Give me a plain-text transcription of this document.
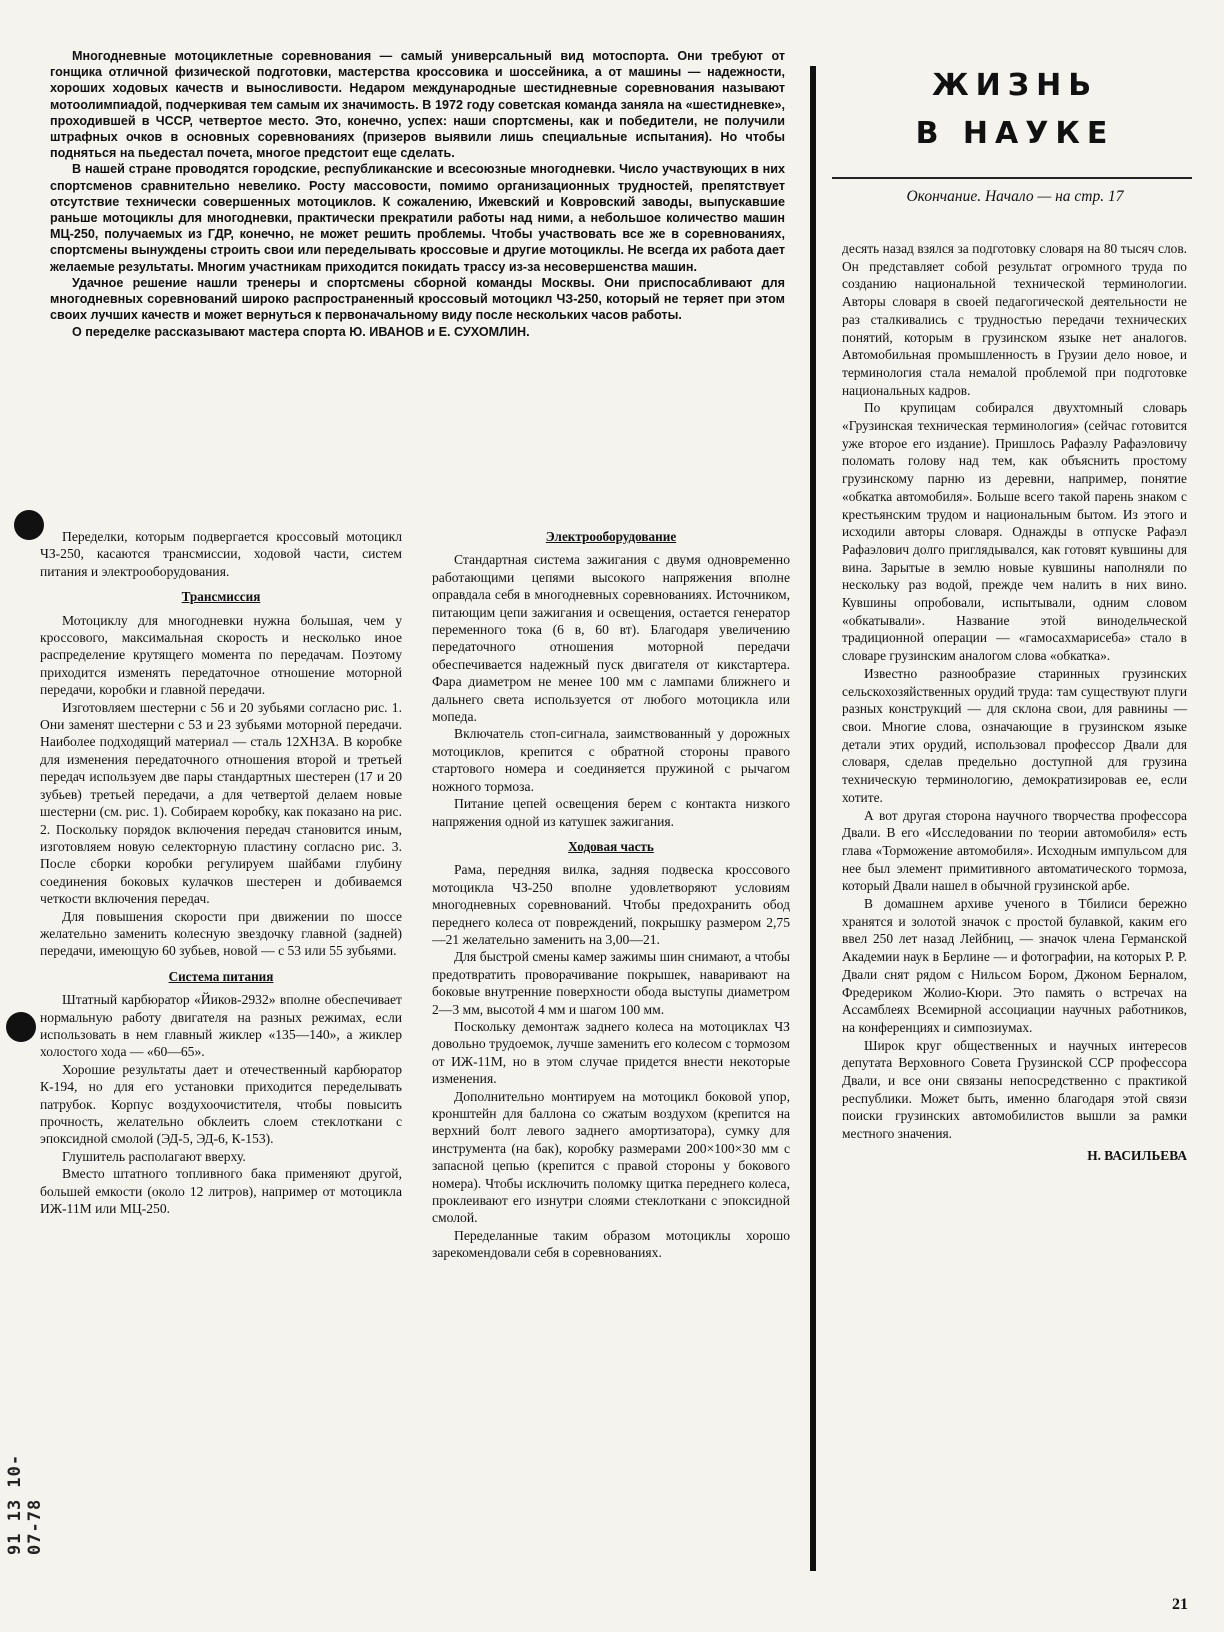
Многодневные мотоциклетные соревнования — самый универсальный вид мотоспорта. Они требуют от гонщика отличной физической подготовки, мастерства кроссовика и шоссейника, а от машины — надежности, хороших ходовых качеств и выносливости. Недаром международные шестидневные соревнования называют мотоолимпиадой, подчеркивая тем самым их значимость. В 1972 году советская команда заняла на «шестидневке», проходившей в ЧССР, четвертое место. Это, конечно, успех: наши спортсмены, как и победители, не получили штрафных очков в основных соревнованиях (призеров выявили лишь специальные испытания). Но чтобы подняться на пьедестал почета, многое предстоит еще сделать.

В нашей стране проводятся городские, республиканские и всесоюзные многодневки. Число участвующих в них спортсменов сравнительно невелико. Росту массовости, помимо организационных трудностей, препятствует отсутствие технически совершенных мотоциклов. К сожалению, Ижевский и Ковровский заводы, выпускавшие раньше мотоциклы для многодневки, практически прекратили работы над ними, а небольшое количество машин МЦ-250, получаемых из ГДР, конечно, не может решить проблемы. Чтобы участвовать все же в соревнованиях, спортсмены вынуждены строить свои или переделывать кроссовые и другие мотоциклы. Не всегда их работа дает желаемые результаты. Многим участникам приходится покидать трассу из-за несовершенства машин.

Удачное решение нашли тренеры и спортсмены сборной команды Москвы. Они приспосабливают для многодневных соревнований широко распространенный кроссовый мотоцикл ЧЗ-250, который не теряет при этом своих лучших качеств и может вернуться к первоначальному виду после нескольких часов работы.

О переделке рассказывают мастера спорта Ю. ИВАНОВ и Е. СУХОМЛИН.

Переделки, которым подвергается кроссовый мотоцикл ЧЗ-250, касаются трансмиссии, ходовой части, систем питания и электрооборудования.

Трансмиссия

Мотоциклу для многодневки нужна большая, чем у кроссового, максимальная скорость и несколько иное распределение крутящего момента по передачам. Поэтому приходится изменять передаточное отношение моторной передачи, коробки и главной передачи.

Изготовляем шестерни с 56 и 20 зубьями согласно рис. 1. Они заменят шестерни с 53 и 23 зубьями моторной передачи. Наиболее подходящий материал — сталь 12ХН3А. В коробке для изменения передаточного отношения второй и третьей передач используем две пары стандартных шестерен (17 и 20 зубьев) третьей передачи, а для четвертой делаем новые шестерни (см. рис. 1). Собираем коробку, как показано на рис. 2. Поскольку порядок включения передач становится иным, изготовляем новую селекторную пластину согласно рис. 3. После сборки коробки регулируем шайбами глубину соединения боковых кулачков шестерен и добиваемся четкости включения передач.

Для повышения скорости при движении по шоссе желательно заменить колесную звездочку главной (задней) передачи, имеющую 60 зубьев, новой — с 53 или 55 зубьями.

Система питания

Штатный карбюратор «Йиков-2932» вполне обеспечивает нормальную работу двигателя на разных режимах, если использовать в нем главный жиклер «135—140», а жиклер холостого хода — «60—65».

Хорошие результаты дает и отечественный карбюратор К-194, но для его установки приходится переделывать патрубок. Корпус воздухоочистителя, чтобы повысить прочность, желательно обклеить слоем стеклоткани с эпоксидной смолой (ЭД-5, ЭД-6, К-153).

Глушитель располагают вверху.

Вместо штатного топливного бака применяют другой, большей емкости (около 12 литров), например от мотоцикла ИЖ-11М или МЦ-250.

Электрооборудование

Стандартная система зажигания с двумя одновременно работающими цепями высокого напряжения вполне оправдала себя в многодневных соревнованиях. Источником, питающим цепи зажигания и освещения, остается генератор переменного тока (6 в, 60 вт). Благодаря увеличению передаточного отношения моторной передачи обеспечивается надежный пуск двигателя от кикстартера. Фара диаметром не менее 100 мм с лампами ближнего и дальнего света используется от любого мотоцикла или мопеда.

Включатель стоп-сигнала, заимствованный у дорожных мотоциклов, крепится с обратной стороны правого стартового номера и соединяется пружиной с рычагом ножного тормоза.

Питание цепей освещения берем с контакта низкого напряжения одной из катушек зажигания.

Ходовая часть

Рама, передняя вилка, задняя подвеска кроссового мотоцикла ЧЗ-250 вполне удовлетворяют условиям многодневных соревнований. Чтобы предохранить обод переднего колеса от повреждений, покрышку размером 2,75—21 желательно заменить на 3,00—21.

Для быстрой смены камер зажимы шин снимают, а чтобы предотвратить проворачивание покрышек, наваривают на боковые внутренние поверхности обода выступы диаметром 2—3 мм, высотой 4 мм и шагом 100 мм.

Поскольку демонтаж заднего колеса на мотоциклах ЧЗ довольно трудоемок, лучше заменить его колесом с тормозом от ИЖ-11М, но в этом случае придется внести некоторые изменения.

Дополнительно монтируем на мотоцикл боковой упор, кронштейн для баллона со сжатым воздухом (крепится на верхний болт левого заднего амортизатора), сумку для инструмента (на бак), коробку размерами 200×100×30 мм с запасной цепью (крепится с правой стороны у бокового номера). Чтобы исключить поломку щитка переднего колеса, проклеивают его изнутри слоями стеклоткани с эпоксидной смолой.

Переделанные таким образом мотоциклы хорошо зарекомендовали себя в соревнованиях.

ЖИЗНЬ
В НАУКЕ
Окончание. Начало — на стр. 17

десять назад взялся за подготовку словаря на 80 тысяч слов. Он представляет собой результат огромного труда по созданию национальной технической терминологии. Авторы словаря в своей педагогической деятельности не раз сталкивались с трудностью передачи технических понятий, которым в грузинском языке нет аналогов. Автомобильная промышленность в Грузии дело новое, и терминология стала немалой проблемой при подготовке национальных кадров.

По крупицам собирался двухтомный словарь «Грузинская техническая терминология» (сейчас готовится уже второе его издание). Пришлось Рафаэлу Рафаэловичу поломать голову над тем, как объяснить простому грузинскому парню из деревни, например, понятие «обкатка автомобиля». Больше всего такой парень знаком с крестьянским трудом и национальным бытом. Из этого и исходили авторы словаря. Однажды в отпуске Рафаэл Рафаэлович долго приглядывался, как готовят кувшины для вина. Зарытые в землю новые кувшины наполняли по нескольку раз водой, прежде чем налить в них вино. Кувшины опробовали, испытывали, одним словом «обкатывали». Название этой винодельческой традиционной операции — «гамосахмарисеба» стало в словаре грузинским аналогом слова «обкатка».

Известно разнообразие старинных грузинских сельскохозяйственных орудий труда: там существуют плуги разных конструкций — для склона свои, для равнины — свои. Многие слова, означающие в грузинском языке детали этих орудий, использовал профессор Двали для словаря, сделав предельно доступной для грузина техническую терминологию, демократизировав ее, если хотите.

А вот другая сторона научного творчества профессора Двали. В его «Исследовании по теории автомобиля» есть глава «Торможение автомобиля». Исходным импульсом для нее был элемент примитивного автоматического тормоза, который Двали нашел в обычной грузинской арбе.

В домашнем архиве ученого в Тбилиси бережно хранятся и золотой значок с простой булавкой, каким его ввел 250 лет назад Лейбниц, — значок члена Германской Академии наук в Берлине — и фотографии, на которых Р. Р. Двали снят рядом с Нильсом Бором, Джоном Берналом, Фредериком Жолио-Кюри. Это память о встречах на Ассамблеях Всемирной ассоциации научных работников, на конференциях и симпозиумах.

Широк круг общественных и научных интересов депутата Верховного Совета Грузинской ССР профессора Двали, и все они связаны непосредственно с практикой республики. Может быть, именно благодаря этой связи поиски грузинских автомобилистов вышли за рамки местного значения.

Н. ВАСИЛЬЕВА

21
91 13 10-07-78
